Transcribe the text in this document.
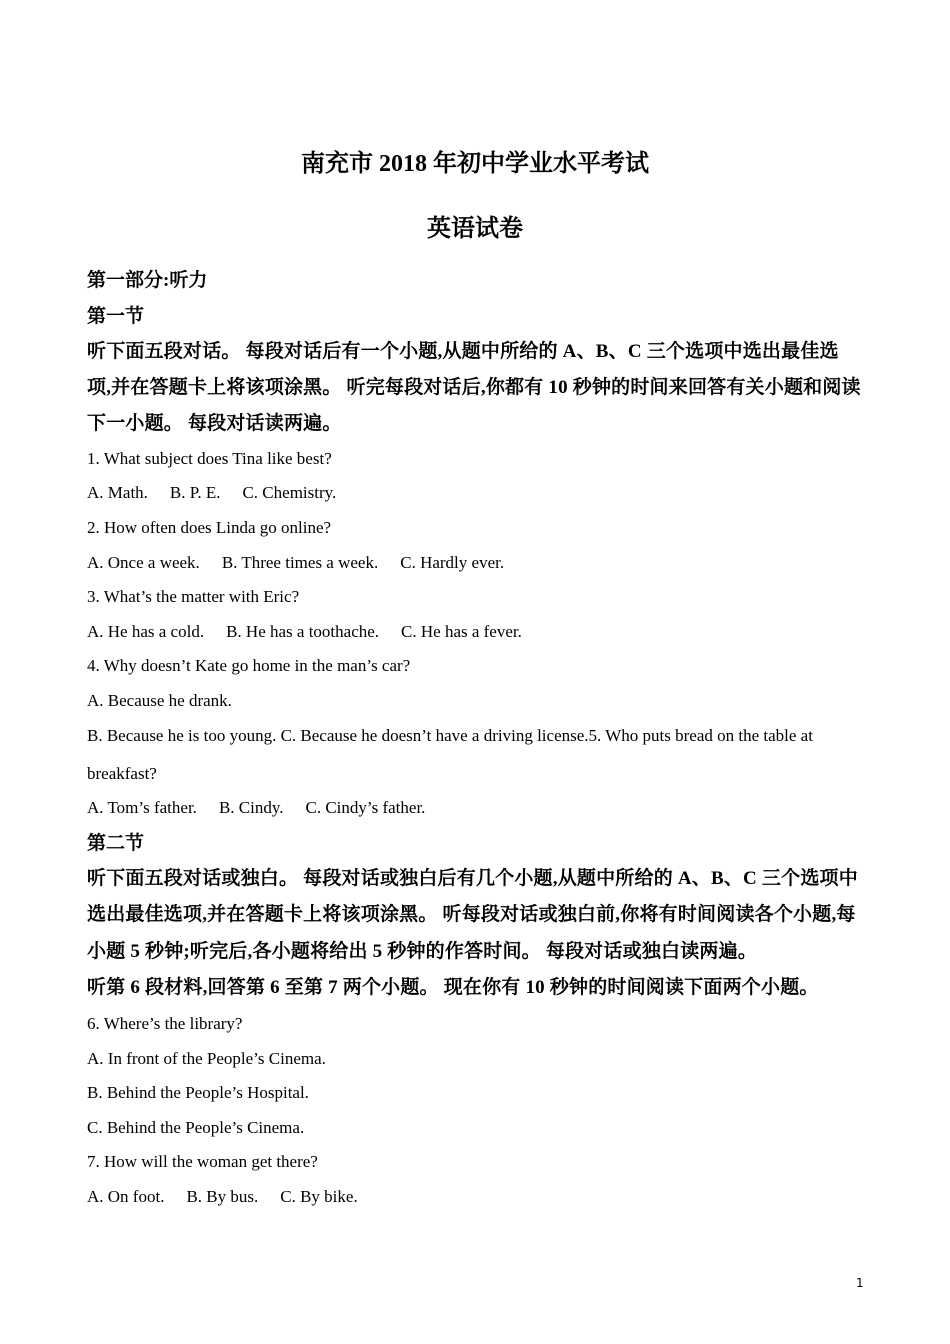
南充市 2018 年初中学业水平考试
英语试卷
第一部分:听力
第一节
听下面五段对话。 每段对话后有一个小题,从题中所给的 A、B、C 三个选项中选出最佳选
项,并在答题卡上将该项涂黑。 听完每段对话后,你都有 10 秒钟的时间来回答有关小题和阅读
下一小题。 每段对话读两遍。
1. What subject does Tina like best?
A. Math. B. P. E. C. Chemistry.
2. How often does Linda go online?
A. Once a week. B. Three times a week. C. Hardly ever.
3. What’s the matter with Eric?
A. He has a cold. B. He has a toothache. C. He has a fever.
4. Why doesn’t Kate go home in the man’s car?
A. Because he drank.
B. Because he is too young. C. Because he doesn’t have a driving license.5. Who puts bread on the table at
breakfast?
A. Tom’s father. B. Cindy. C. Cindy’s father.
第二节
听下面五段对话或独白。 每段对话或独白后有几个小题,从题中所给的 A、B、C 三个选项中
选出最佳选项,并在答题卡上将该项涂黑。 听每段对话或独白前,你将有时间阅读各个小题,每
小题 5 秒钟;听完后,各小题将给出 5 秒钟的作答时间。 每段对话或独白读两遍。
听第 6 段材料,回答第 6 至第 7 两个小题。 现在你有 10 秒钟的时间阅读下面两个小题。
6. Where’s the library?
A. In front of the People’s Cinema.
B. Behind the People’s Hospital.
C. Behind the People’s Cinema.
7. How will the woman get there?
A. On foot. B. By bus. C. By bike.
1
